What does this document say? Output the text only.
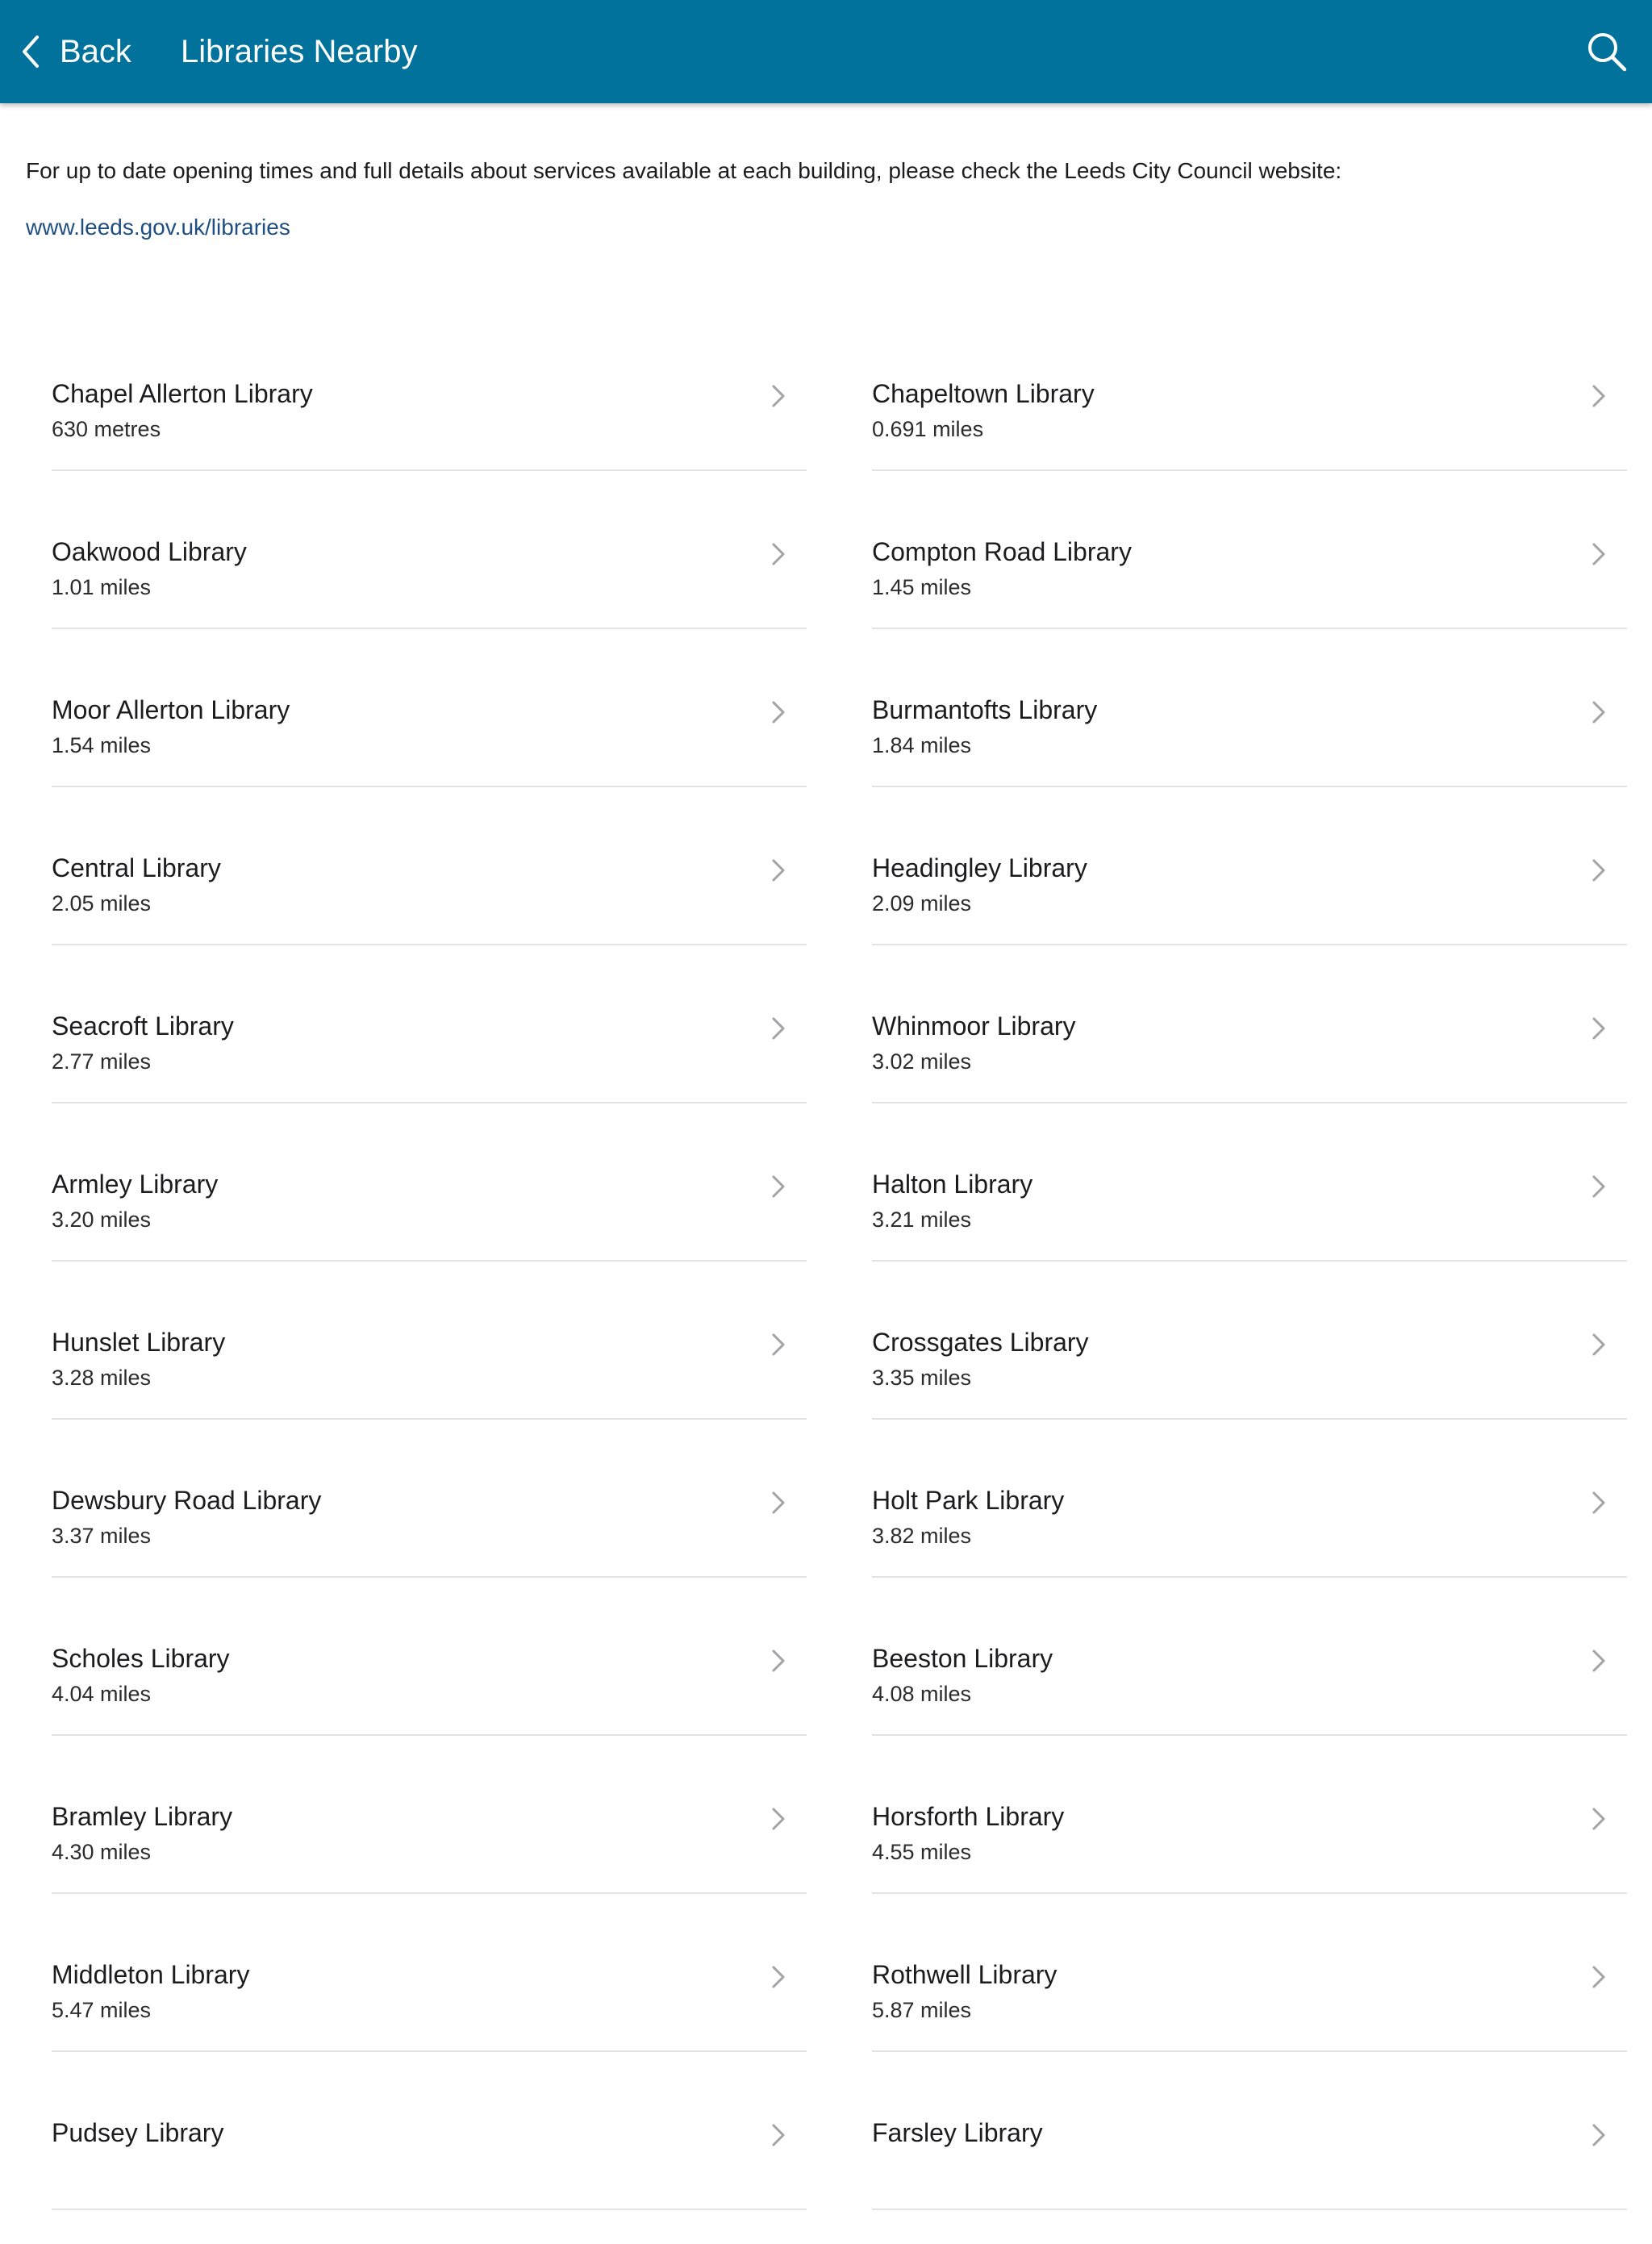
Back Libraries Nearby
For up to date opening times and full details about services available at each building, please check the Leeds City Council website:
www.leeds.gov.uk/libraries
Chapel Allerton Library
630 metres
Chapeltown Library
0.691 miles
Oakwood Library
1.01 miles
Compton Road Library
1.45 miles
Moor Allerton Library
1.54 miles
Burmantofts Library
1.84 miles
Central Library
2.05 miles
Headingley Library
2.09 miles
Seacroft Library
2.77 miles
Whinmoor Library
3.02 miles
Armley Library
3.20 miles
Halton Library
3.21 miles
Hunslet Library
3.28 miles
Crossgates Library
3.35 miles
Dewsbury Road Library
3.37 miles
Holt Park Library
3.82 miles
Scholes Library
4.04 miles
Beeston Library
4.08 miles
Bramley Library
4.30 miles
Horsforth Library
4.55 miles
Middleton Library
5.47 miles
Rothwell Library
5.87 miles
Pudsey Library	Farsley Library
